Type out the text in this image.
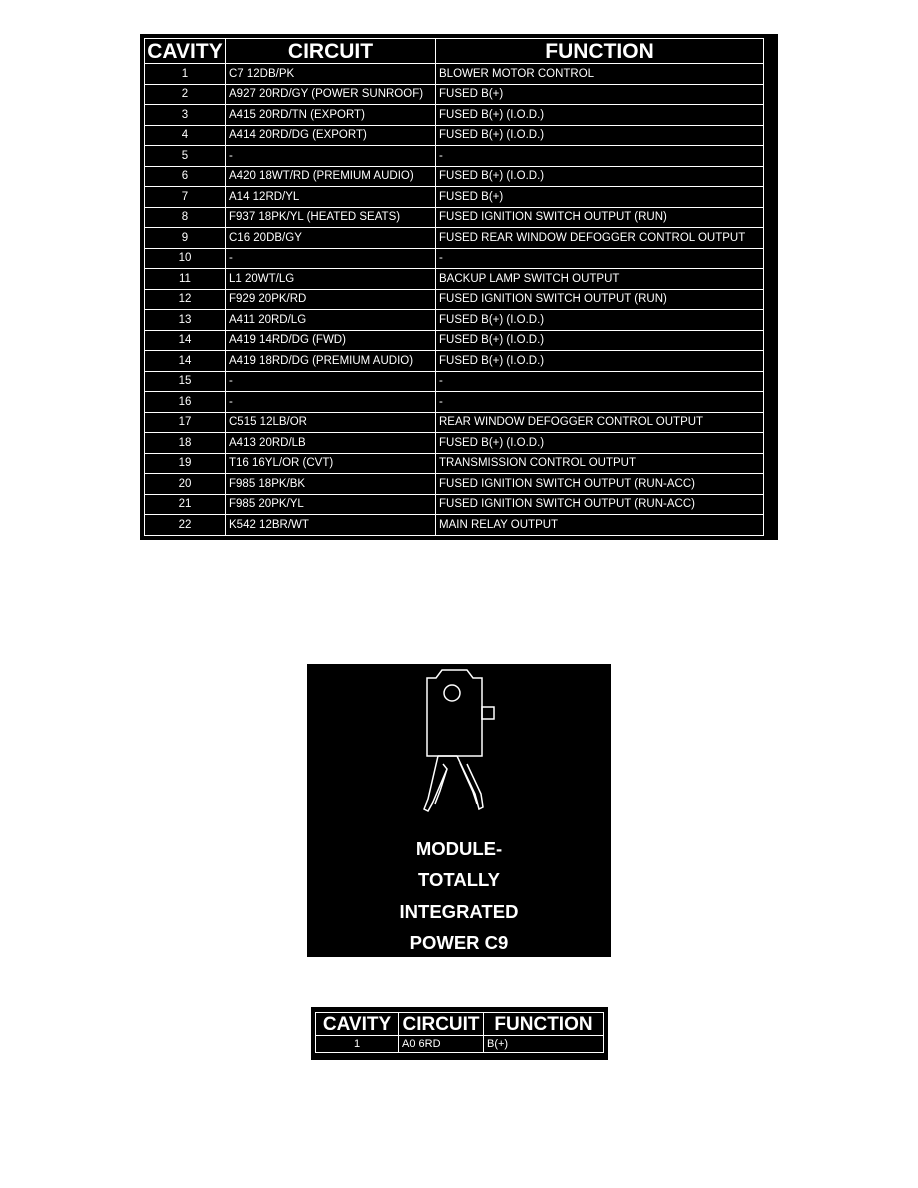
CAVITY	CIRCUIT	FUNCTION
1	C7 12DB/PK	BLOWER MOTOR CONTROL
2	A927 20RD/GY (POWER SUNROOF)	FUSED B(+)
3	A415 20RD/TN (EXPORT)	FUSED B(+) (I.O.D.)
4	A414 20RD/DG (EXPORT)	FUSED B(+) (I.O.D.)
5	-	-
6	A420 18WT/RD (PREMIUM AUDIO)	FUSED B(+) (I.O.D.)
7	A14 12RD/YL	FUSED B(+)
8	F937 18PK/YL (HEATED SEATS)	FUSED IGNITION SWITCH OUTPUT (RUN)
9	C16 20DB/GY	FUSED REAR WINDOW DEFOGGER CONTROL OUTPUT
10	-	-
11	L1 20WT/LG	BACKUP LAMP SWITCH OUTPUT
12	F929 20PK/RD	FUSED IGNITION SWITCH OUTPUT (RUN)
13	A411 20RD/LG	FUSED B(+) (I.O.D.)
14	A419 14RD/DG (FWD)	FUSED B(+) (I.O.D.)
14	A419 18RD/DG (PREMIUM AUDIO)	FUSED B(+) (I.O.D.)
15	-	-
16	-	-
17	C515 12LB/OR	REAR WINDOW DEFOGGER CONTROL OUTPUT
18	A413 20RD/LB	FUSED B(+) (I.O.D.)
19	T16 16YL/OR (CVT)	TRANSMISSION CONTROL OUTPUT
20	F985 18PK/BK	FUSED IGNITION SWITCH OUTPUT (RUN-ACC)
21	F985 20PK/YL	FUSED IGNITION SWITCH OUTPUT (RUN-ACC)
22	K542 12BR/WT	MAIN RELAY OUTPUT
MODULE-
TOTALLY
INTEGRATED
POWER C9
CAVITY	CIRCUIT	FUNCTION
1	A0 6RD	B(+)
